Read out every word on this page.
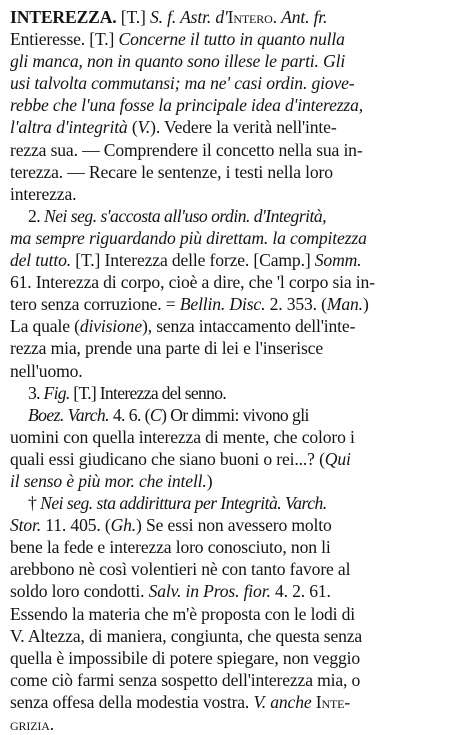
INTEREZZA. [T.] S. f. Astr. d'Intero. Ant. fr.
Entieresse. [T.] Concerne il tutto in quanto nulla
gli manca, non in quanto sono illese le parti. Gli
usi talvolta commutansi; ma ne' casi ordin. giove-
rebbe che l'una fosse la principale idea d'interezza,
l'altra d'integrità (V.). Vedere la verità nell'inte-
rezza sua. — Comprendere il concetto nella sua in-
terezza. — Recare le sentenze, i testi nella loro
interezza.
2. Nei seg. s'accosta all'uso ordin. d'Integrità,
ma sempre riguardando più direttam. la compitezza
del tutto. [T.] Interezza delle forze. [Camp.] Somm.
61. Interezza di corpo, cioè a dire, che 'l corpo sia in-
tero senza corruzione. = Bellin. Disc. 2. 353. (Man.)
La quale (divisione), senza intaccamento dell'inte-
rezza mia, prende una parte di lei e l'inserisce
nell'uomo.
3. Fig. [T.] Interezza del senno.
Boez. Varch. 4. 6. (C) Or dimmi: vivono gli
uomini con quella interezza di mente, che coloro i
quali essi giudicano che siano buoni o rei...? (Qui
il senso è più mor. che intell.)
† Nei seg. sta addirittura per Integrità. Varch.
Stor. 11. 405. (Gh.) Se essi non avessero molto
bene la fede e interezza loro conosciuto, non li
arebbono nè così volentieri nè con tanto favore al
soldo loro condotti. Salv. in Pros. fior. 4. 2. 61.
Essendo la materia che m'è proposta con le lodi di
V. Altezza, di maniera, congiunta, che questa senza
quella è impossibile di potere spiegare, non veggio
come ciò farmi senza sospetto dell'interezza mia, o
senza offesa della modestia vostra. V. anche Inte-
grizia.
